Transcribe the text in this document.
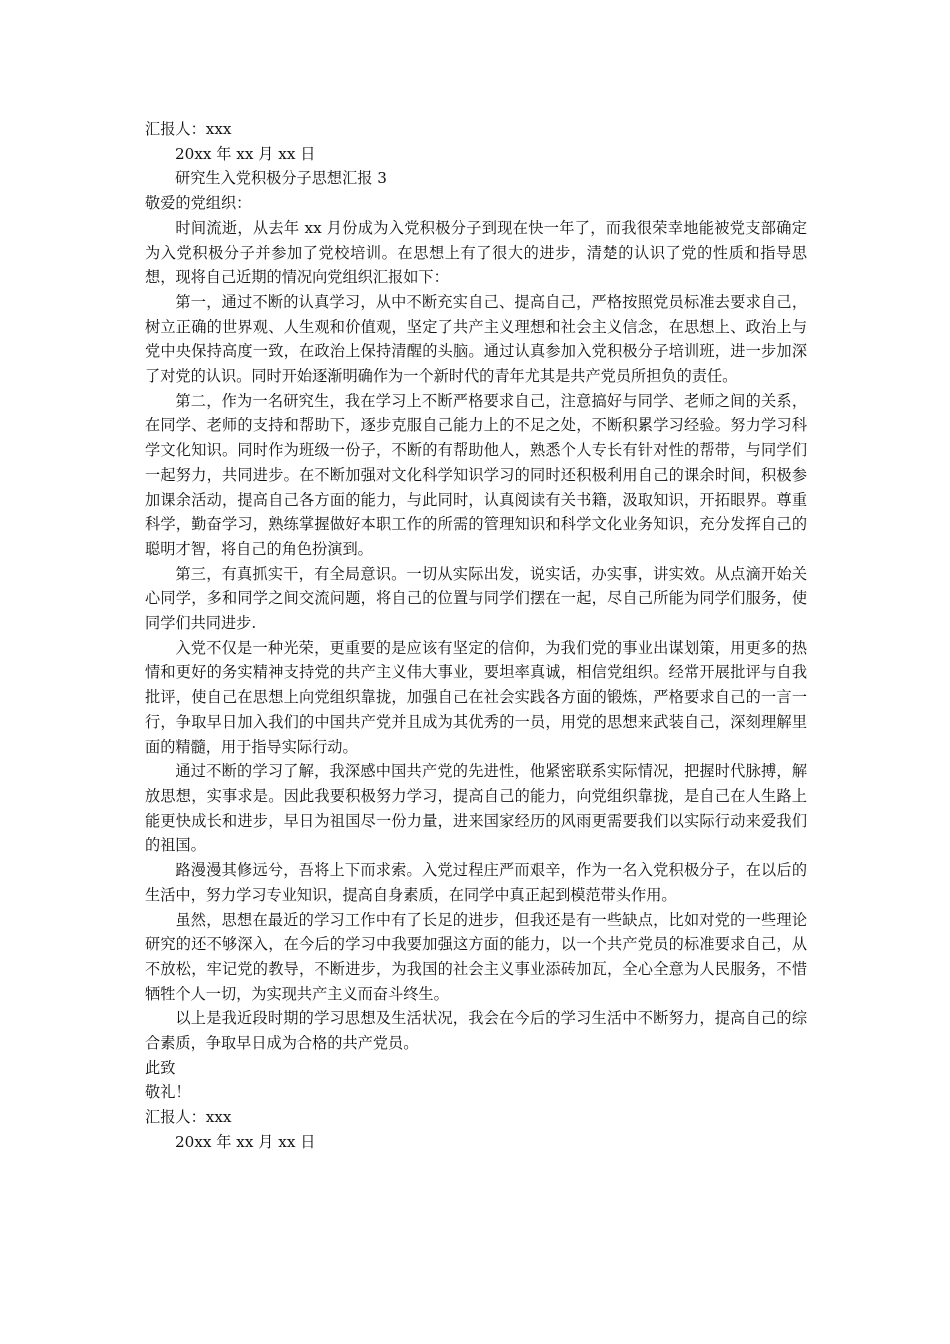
汇报人：xxx
20xx 年 xx 月 xx 日
研究生入党积极分子思想汇报 3
敬爱的党组织：

时间流逝，从去年 xx 月份成为入党积极分子到现在快一年了，而我很荣幸地能被党支部确定为入党积极分子并参加了党校培训。在思想上有了很大的进步，清楚的认识了党的性质和指导思想，现将自己近期的情况向党组织汇报如下：

第一，通过不断的认真学习，从中不断充实自己、提高自己，严格按照党员标准去要求自己，树立正确的世界观、人生观和价值观，坚定了共产主义理想和社会主义信念，在思想上、政治上与党中央保持高度一致，在政治上保持清醒的头脑。通过认真参加入党积极分子培训班，进一步加深了对党的认识。同时开始逐渐明确作为一个新时代的青年尤其是共产党员所担负的责任。

第二，作为一名研究生，我在学习上不断严格要求自己，注意搞好与同学、老师之间的关系，在同学、老师的支持和帮助下，逐步克服自己能力上的不足之处，不断积累学习经验。努力学习科学文化知识。同时作为班级一份子，不断的有帮助他人，熟悉个人专长有针对性的帮带，与同学们一起努力，共同进步。在不断加强对文化科学知识学习的同时还积极利用自己的课余时间，积极参加课余活动，提高自己各方面的能力，与此同时，认真阅读有关书籍，汲取知识，开拓眼界。尊重科学，勤奋学习，熟练掌握做好本职工作的所需的管理知识和科学文化业务知识，充分发挥自己的聪明才智，将自己的角色扮演到。

第三，有真抓实干，有全局意识。一切从实际出发，说实话，办实事，讲实效。从点滴开始关心同学，多和同学之间交流问题，将自己的位置与同学们摆在一起，尽自己所能为同学们服务，使同学们共同进步.

入党不仅是一种光荣，更重要的是应该有坚定的信仰，为我们党的事业出谋划策，用更多的热情和更好的务实精神支持党的共产主义伟大事业，要坦率真诚，相信党组织。经常开展批评与自我批评，使自己在思想上向党组织靠拢，加强自己在社会实践各方面的锻炼，严格要求自己的一言一行，争取早日加入我们的中国共产党并且成为其优秀的一员，用党的思想来武装自己，深刻理解里面的精髓，用于指导实际行动。

通过不断的学习了解，我深感中国共产党的先进性，他紧密联系实际情况，把握时代脉搏，解放思想，实事求是。因此我要积极努力学习，提高自己的能力，向党组织靠拢，是自己在人生路上能更快成长和进步，早日为祖国尽一份力量，进来国家经历的风雨更需要我们以实际行动来爱我们的祖国。

路漫漫其修远兮，吾将上下而求索。入党过程庄严而艰辛，作为一名入党积极分子，在以后的生活中，努力学习专业知识，提高自身素质，在同学中真正起到模范带头作用。

虽然，思想在最近的学习工作中有了长足的进步，但我还是有一些缺点，比如对党的一些理论研究的还不够深入，在今后的学习中我要加强这方面的能力，以一个共产党员的标准要求自己，从不放松，牢记党的教导，不断进步，为我国的社会主义事业添砖加瓦，全心全意为人民服务，不惜牺牲个人一切，为实现共产主义而奋斗终生。

以上是我近段时期的学习思想及生活状况，我会在今后的学习生活中不断努力，提高自己的综合素质，争取早日成为合格的共产党员。

此致
敬礼！
汇报人：xxx
20xx 年 xx 月 xx 日
